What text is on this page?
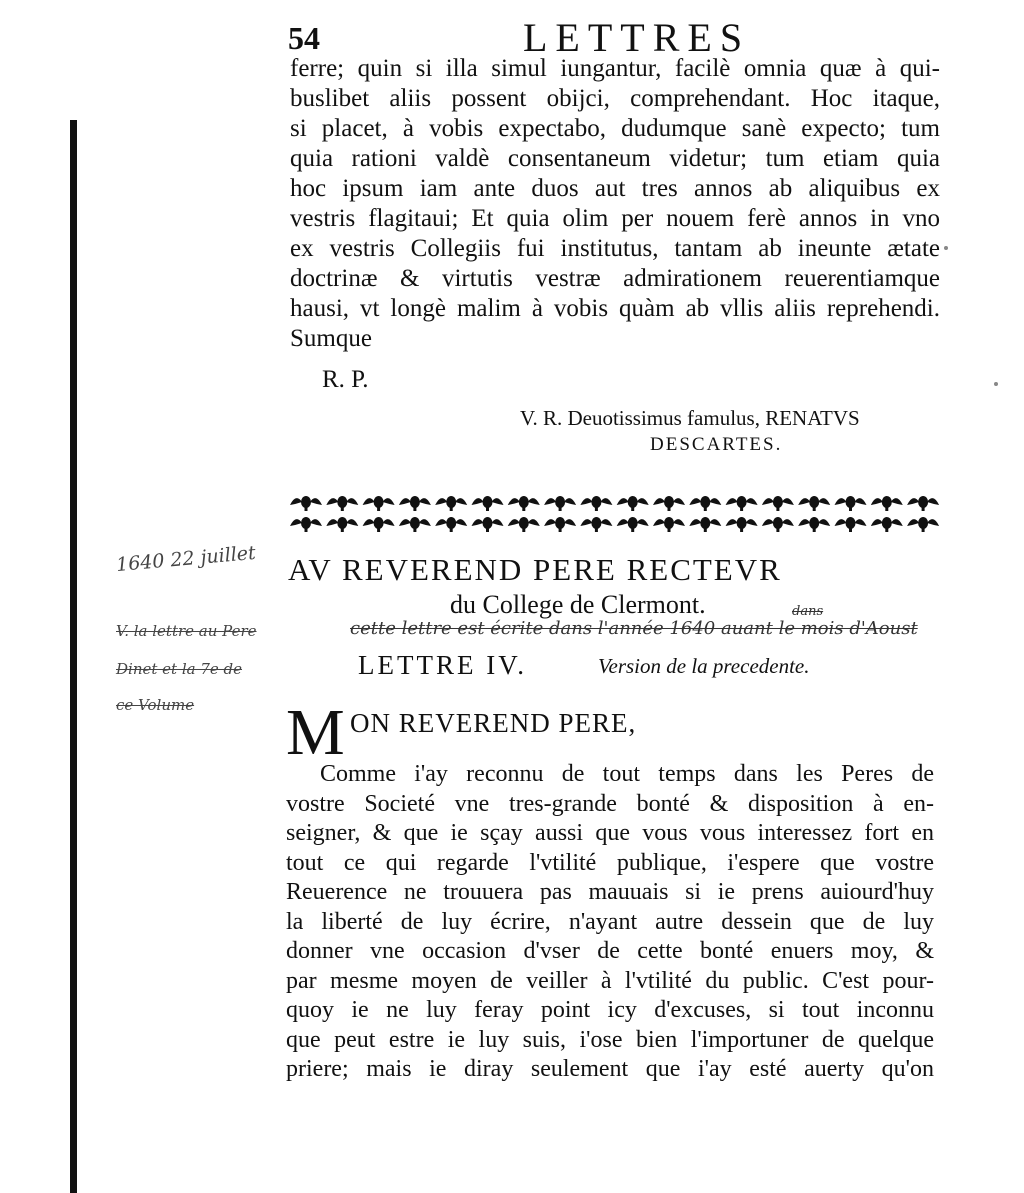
54	LETTRES
ferre; quin si illa simul iungantur, facilè omnia quæ à qui-
buslibet aliis possent obijci, comprehendant. Hoc itaque,
si placet, à vobis expectabo, dudumque sanè expecto; tum
quia rationi valdè consentaneum videtur; tum etiam quia
hoc ipsum iam ante duos aut tres annos ab aliquibus ex
vestris flagitaui; Et quia olim per nouem ferè annos in vno
ex vestris Collegiis fui institutus, tantam ab ineunte ætate
doctrinæ & virtutis vestræ admirationem reuerentiamque
hausi, vt longè malim à vobis quàm ab vllis aliis reprehendi.
Sumque
R. P.
V. R. Deuotissimus famulus, RENATVS
DESCARTES.
AV REVEREND PERE RECTEVR
du College de Clermont.	dans
cette lettre est écrite dans l'année 1640 auant le mois d'Aoust
LETTRE IV.	Version de la precedente.
1640 22 juillet
V. la lettre au Pere
Dinet et la 7e de
ce Volume M ON REVEREND PERE,
Comme i'ay reconnu de tout temps dans les Peres de
vostre Societé vne tres-grande bonté & disposition à en-
seigner, & que ie sçay aussi que vous vous interessez fort en
tout ce qui regarde l'vtilité publique, i'espere que vostre
Reuerence ne trouuera pas mauuais si ie prens auiourd'huy
la liberté de luy écrire, n'ayant autre dessein que de luy
donner vne occasion d'vser de cette bonté enuers moy, &
par mesme moyen de veiller à l'vtilité du public. C'est pour-
quoy ie ne luy feray point icy d'excuses, si tout inconnu
que peut estre ie luy suis, i'ose bien l'importuner de quelque
priere; mais ie diray seulement que i'ay esté auerty qu'on
